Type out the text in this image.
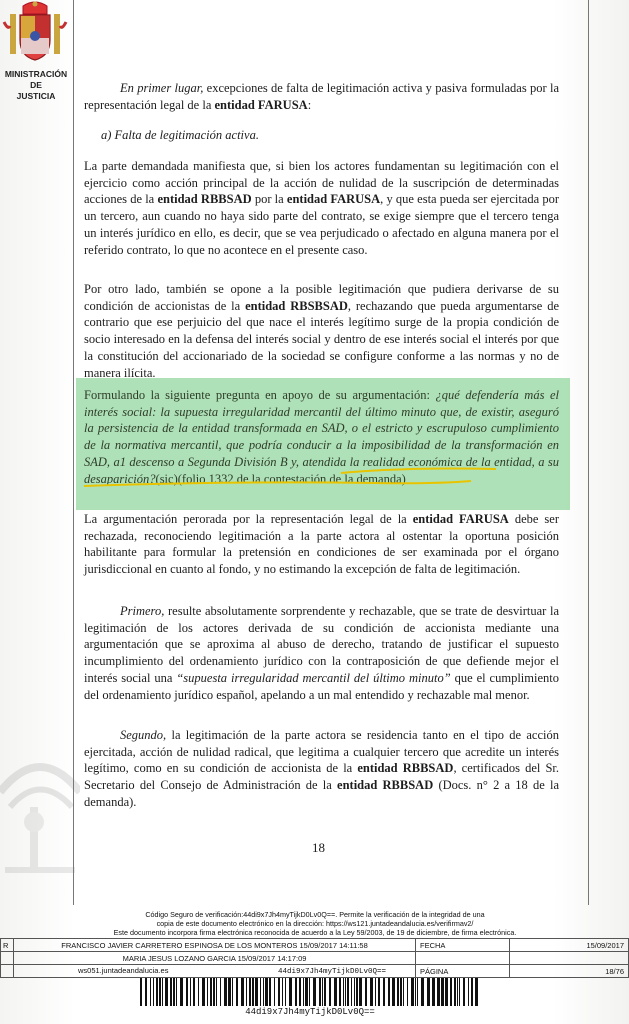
MINISTRACIÓN
DE
JUSTICIA

En primer lugar, excepciones de falta de legitimación activa y pasiva formuladas por la representación legal de la entidad FARUSA:

a) Falta de legitimación activa.

La parte demandada manifiesta que, si bien los actores fundamentan su legitimación con el ejercicio como acción principal de la acción de nulidad de la suscripción de determinadas acciones de la entidad RBBSAD por la entidad FARUSA, y que esta pueda ser ejercitada por un tercero, aun cuando no haya sido parte del contrato, se exige siempre que el tercero tenga un interés jurídico en ello, es decir, que se vea perjudicado o afectado en alguna manera por el referido contrato, lo que no acontece en el presente caso.

Por otro lado, también se opone a la posible legitimación que pudiera derivarse de su condición de accionistas de la entidad RBSBSAD, rechazando que pueda argumentarse de contrario que ese perjuicio del que nace el interés legítimo surge de la propia condición de socio interesado en la defensa del interés social y dentro de ese interés social el interés por que la constitución del accionariado de la sociedad se configure conforme a las normas y no de manera ilícita.

Formulando la siguiente pregunta en apoyo de su argumentación: ¿qué defendería más el interés social: la supuesta irregularidad mercantil del último minuto que, de existir, aseguró la persistencia de la entidad transformada en SAD, o el estricto y escrupuloso cumplimiento de la normativa mercantil, que podría conducir a la imposibilidad de la transformación en SAD, a1 descenso a Segunda División B y, atendida la realidad económica de la entidad, a su desaparición?(sic)(folio 1332 de la contestación de la demanda)

La argumentación perorada por la representación legal de la entidad FARUSA debe ser rechazada, reconociendo legitimación a la parte actora al ostentar la oportuna posición habilitante para formular la pretensión en condiciones de ser examinada por el órgano jurisdiccional en cuanto al fondo, y no estimando la excepción de falta de legitimación.

Primero, resulte absolutamente sorprendente y rechazable, que se trate de desvirtuar la legitimación de los actores derivada de su condición de accionista mediante una argumentación que se aproxima al abuso de derecho, tratando de justificar el supuesto incumplimiento del ordenamiento jurídico con la contraposición de que defiende mejor el interés social una “supuesta irregularidad mercantil del último minuto” que el cumplimiento del ordenamiento jurídico español, apelando a un mal entendido y rechazable mal menor.

Segundo, la legitimación de la parte actora se residencia tanto en el tipo de acción ejercitada, acción de nulidad radical, que legitima a cualquier tercero que acredite un interés legítimo, como en su condición de accionista de la entidad RBBSAD, certificados del Sr. Secretario del Consejo de Administración de la entidad RBBSAD (Docs. n° 2 a 18 de la demanda).

18
Código Seguro de verificación:44di9x7Jh4myTijkD0Lv0Q==. Permite la verificación de la integridad de una
copia de este documento electrónico en la dirección: https://ws121.juntadeandalucia.es/verifirmav2/
Este documento incorpora firma electrónica reconocida de acuerdo a la Ley 59/2003, de 19 de diciembre, de firma electrónica.
R	FRANCISCO JAVIER CARRETERO ESPINOSA DE LOS MONTEROS 15/09/2017 14:11:58	FECHA	15/09/2017
	MARIA JESUS LOZANO GARCIA 15/09/2017 14:17:09		
	ws051.juntadeandalucia.es 44di9x7Jh4myTijkD0Lv0Q==	PÁGINA	18/76
44di9x7Jh4myTijkD0Lv0Q==
